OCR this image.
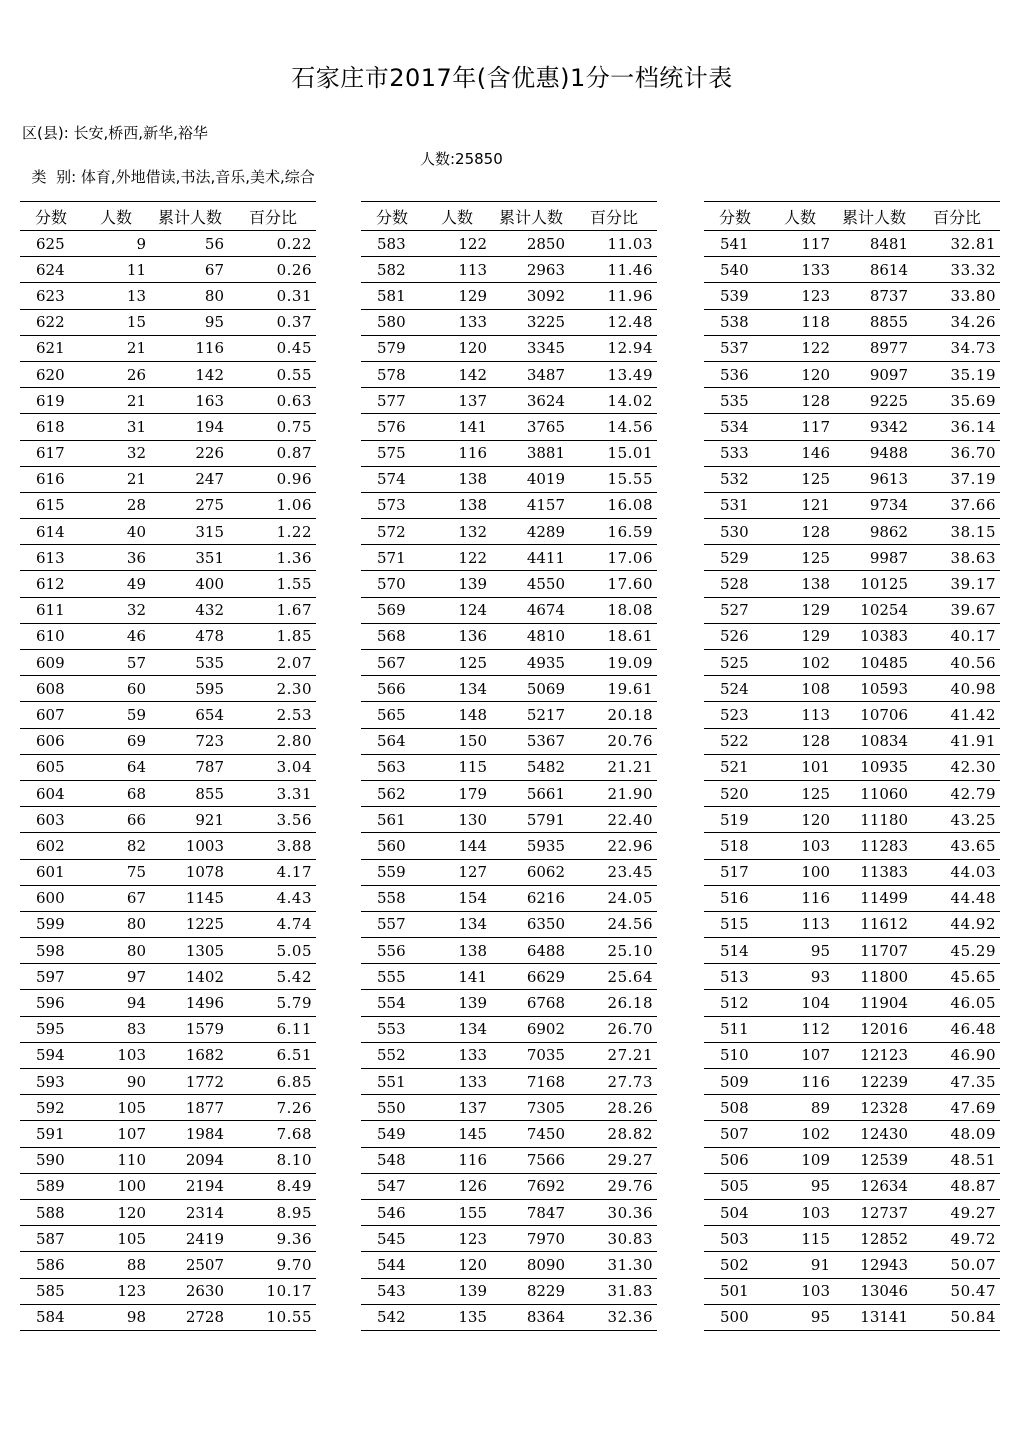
石家庄市2017年(含优惠)1分一档统计表
区(县): 长安,桥西,新华,裕华

类  别: 体育,外地借读,书法,音乐,美术,综合

人数:25850

分数	人数	累计人数	百分比
625	9	56	0.22
624	11	67	0.26
623	13	80	0.31
622	15	95	0.37
621	21	116	0.45
620	26	142	0.55
619	21	163	0.63
618	31	194	0.75
617	32	226	0.87
616	21	247	0.96
615	28	275	1.06
614	40	315	1.22
613	36	351	1.36
612	49	400	1.55
611	32	432	1.67
610	46	478	1.85
609	57	535	2.07
608	60	595	2.30
607	59	654	2.53
606	69	723	2.80
605	64	787	3.04
604	68	855	3.31
603	66	921	3.56
602	82	1003	3.88
601	75	1078	4.17
600	67	1145	4.43
599	80	1225	4.74
598	80	1305	5.05
597	97	1402	5.42
596	94	1496	5.79
595	83	1579	6.11
594	103	1682	6.51
593	90	1772	6.85
592	105	1877	7.26
591	107	1984	7.68
590	110	2094	8.10
589	100	2194	8.49
588	120	2314	8.95
587	105	2419	9.36
586	88	2507	9.70
585	123	2630	10.17
584	98	2728	10.55
分数	人数	累计人数	百分比
583	122	2850	11.03
582	113	2963	11.46
581	129	3092	11.96
580	133	3225	12.48
579	120	3345	12.94
578	142	3487	13.49
577	137	3624	14.02
576	141	3765	14.56
575	116	3881	15.01
574	138	4019	15.55
573	138	4157	16.08
572	132	4289	16.59
571	122	4411	17.06
570	139	4550	17.60
569	124	4674	18.08
568	136	4810	18.61
567	125	4935	19.09
566	134	5069	19.61
565	148	5217	20.18
564	150	5367	20.76
563	115	5482	21.21
562	179	5661	21.90
561	130	5791	22.40
560	144	5935	22.96
559	127	6062	23.45
558	154	6216	24.05
557	134	6350	24.56
556	138	6488	25.10
555	141	6629	25.64
554	139	6768	26.18
553	134	6902	26.70
552	133	7035	27.21
551	133	7168	27.73
550	137	7305	28.26
549	145	7450	28.82
548	116	7566	29.27
547	126	7692	29.76
546	155	7847	30.36
545	123	7970	30.83
544	120	8090	31.30
543	139	8229	31.83
542	135	8364	32.36
分数	人数	累计人数	百分比
541	117	8481	32.81
540	133	8614	33.32
539	123	8737	33.80
538	118	8855	34.26
537	122	8977	34.73
536	120	9097	35.19
535	128	9225	35.69
534	117	9342	36.14
533	146	9488	36.70
532	125	9613	37.19
531	121	9734	37.66
530	128	9862	38.15
529	125	9987	38.63
528	138	10125	39.17
527	129	10254	39.67
526	129	10383	40.17
525	102	10485	40.56
524	108	10593	40.98
523	113	10706	41.42
522	128	10834	41.91
521	101	10935	42.30
520	125	11060	42.79
519	120	11180	43.25
518	103	11283	43.65
517	100	11383	44.03
516	116	11499	44.48
515	113	11612	44.92
514	95	11707	45.29
513	93	11800	45.65
512	104	11904	46.05
511	112	12016	46.48
510	107	12123	46.90
509	116	12239	47.35
508	89	12328	47.69
507	102	12430	48.09
506	109	12539	48.51
505	95	12634	48.87
504	103	12737	49.27
503	115	12852	49.72
502	91	12943	50.07
501	103	13046	50.47
500	95	13141	50.84
